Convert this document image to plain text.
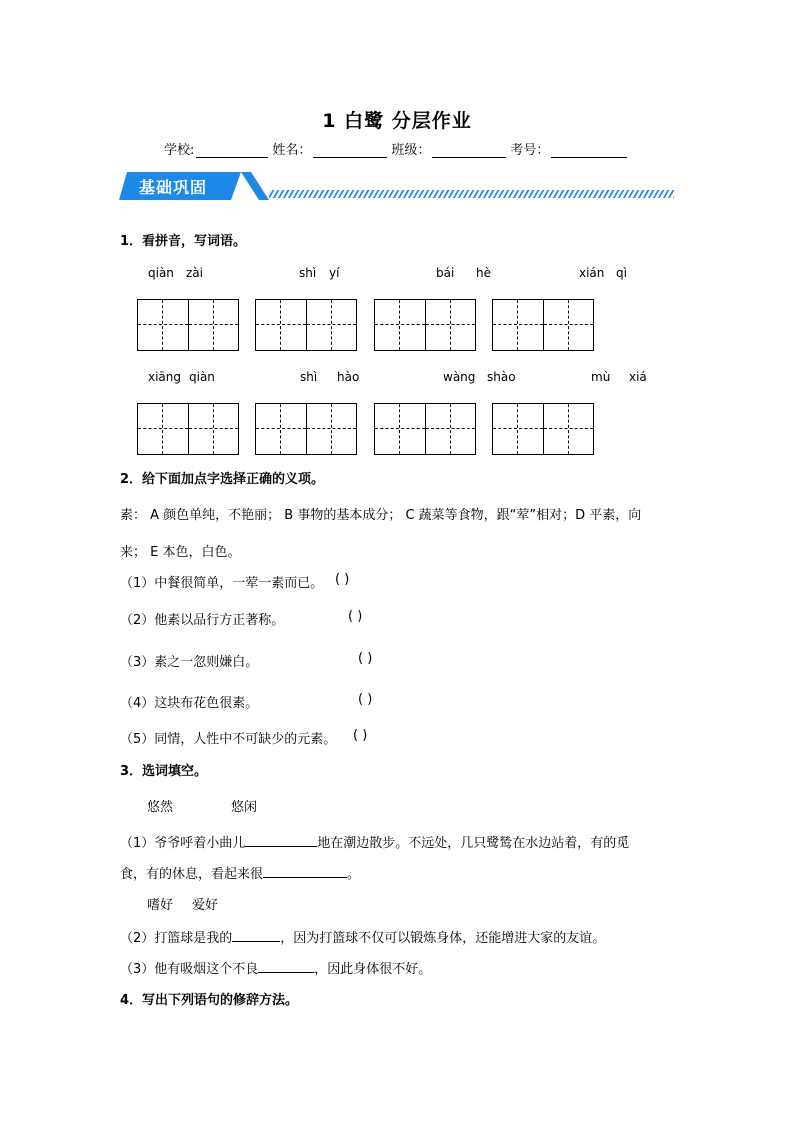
1 白鹭 分层作业
学校:	姓名：	班级：	考号：
基础巩固
1．看拼音，写词语。
qiàn zài	shì yí	bái hè	xián qì
xiāng qiàn	shì hào	wàng shào	mù xiá
2．给下面加点字选择正确的义项。
素： A 颜色单纯，不艳丽； B 事物的基本成分； C 蔬菜等食物，跟“荤”相对；D 平素，向
来； E 本色，白色。
（1）中餐很简单，一荤一素而已。 ( )
（2）他素以品行方正著称。	( )
（3）素之一忽则嫌白。	( )
（4）这块布花色很素。	( )
（5）同情，人性中不可缺少的元素。 ( )
3．选词填空。
悠然	悠闲
（1）爷爷呼着小曲儿	地在潮边散步。不远处，几只鹭鸶在水边站着，有的觅
食，有的休息，看起来很	。
嗜好 爱好
（2）打篮球是我的	，因为打篮球不仅可以锻炼身体，还能增进大家的友谊。
（3）他有吸烟这个不良	，因此身体很不好。
4．写出下列语句的修辞方法。
